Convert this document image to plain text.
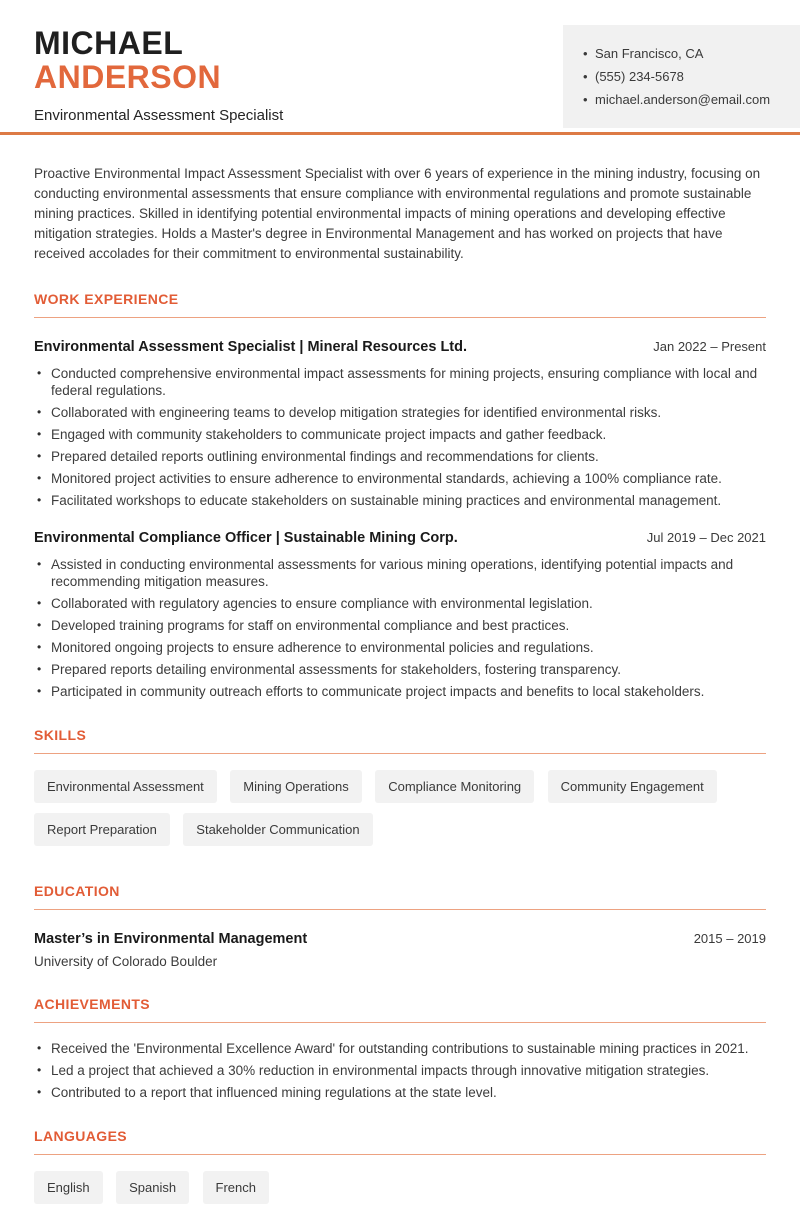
MICHAEL
ANDERSON
Environmental Assessment Specialist
• San Francisco, CA
• (555) 234-5678
• michael.anderson@email.com

Proactive Environmental Impact Assessment Specialist with over 6 years of experience in the mining industry, focusing on conducting environmental assessments that ensure compliance with environmental regulations and promote sustainable mining practices. Skilled in identifying potential environmental impacts of mining operations and developing effective mitigation strategies. Holds a Master's degree in Environmental Management and has worked on projects that have received accolades for their commitment to environmental sustainability.

WORK EXPERIENCE
Environmental Assessment Specialist | Mineral Resources Ltd.	Jan 2022 – Present
• Conducted comprehensive environmental impact assessments for mining projects, ensuring compliance with local and federal regulations.
• Collaborated with engineering teams to develop mitigation strategies for identified environmental risks.
• Engaged with community stakeholders to communicate project impacts and gather feedback.
• Prepared detailed reports outlining environmental findings and recommendations for clients.
• Monitored project activities to ensure adherence to environmental standards, achieving a 100% compliance rate.
• Facilitated workshops to educate stakeholders on sustainable mining practices and environmental management.
Environmental Compliance Officer | Sustainable Mining Corp.	Jul 2019 – Dec 2021
• Assisted in conducting environmental assessments for various mining operations, identifying potential impacts and recommending mitigation measures.
• Collaborated with regulatory agencies to ensure compliance with environmental legislation.
• Developed training programs for staff on environmental compliance and best practices.
• Monitored ongoing projects to ensure adherence to environmental policies and regulations.
• Prepared reports detailing environmental assessments for stakeholders, fostering transparency.
• Participated in community outreach efforts to communicate project impacts and benefits to local stakeholders.
SKILLS
Environmental Assessment	Mining Operations	Compliance Monitoring	Community Engagement Report Preparation	Stakeholder Communication
EDUCATION
Master’s in Environmental Management	2015 – 2019
University of Colorado Boulder
ACHIEVEMENTS
• Received the 'Environmental Excellence Award' for outstanding contributions to sustainable mining practices in 2021.
• Led a project that achieved a 30% reduction in environmental impacts through innovative mitigation strategies.
• Contributed to a report that influenced mining regulations at the state level.
LANGUAGES
English	Spanish	French
